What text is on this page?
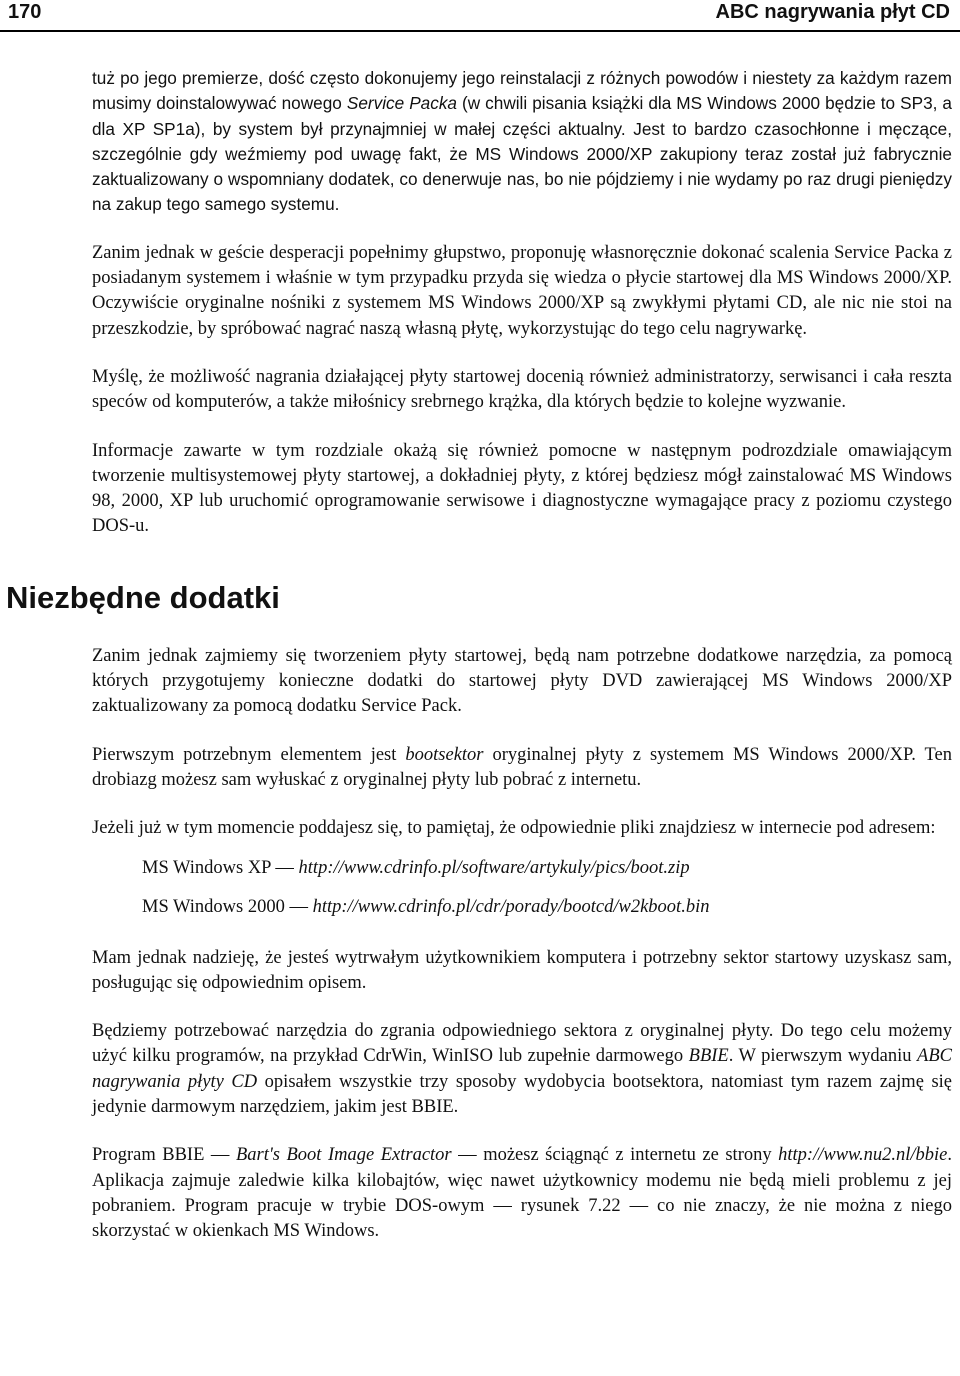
170	ABC nagrywania płyt CD

tuż po jego premierze, dość często dokonujemy jego reinstalacji z różnych powodów i niestety za każdym razem musimy doinstalowywać nowego Service Packa (w chwili pisania książki dla MS Windows 2000 będzie to SP3, a dla XP SP1a), by system był przynajmniej w małej części aktualny. Jest to bardzo czasochłonne i męczące, szczególnie gdy weźmiemy pod uwagę fakt, że MS Windows 2000/XP zakupiony teraz został już fabrycznie zaktualizowany o wspomniany dodatek, co denerwuje nas, bo nie pójdziemy i nie wydamy po raz drugi pieniędzy na zakup tego samego systemu.

Zanim jednak w geście desperacji popełnimy głupstwo, proponuję własnoręcznie dokonać scalenia Service Packa z posiadanym systemem i właśnie w tym przypadku przyda się wiedza o płycie startowej dla MS Windows 2000/XP. Oczywiście oryginalne nośniki z systemem MS Windows 2000/XP są zwykłymi płytami CD, ale nic nie stoi na przeszkodzie, by spróbować nagrać naszą własną płytę, wykorzystując do tego celu nagrywarkę.

Myślę, że możliwość nagrania działającej płyty startowej docenią również administratorzy, serwisanci i cała reszta speców od komputerów, a także miłośnicy srebrnego krążka, dla których będzie to kolejne wyzwanie.

Informacje zawarte w tym rozdziale okażą się również pomocne w następnym podrozdziale omawiającym tworzenie multisystemowej płyty startowej, a dokładniej płyty, z której będziesz mógł zainstalować MS Windows 98, 2000, XP lub uruchomić oprogramowanie serwisowe i diagnostyczne wymagające pracy z poziomu czystego DOS-u.

Niezbędne dodatki

Zanim jednak zajmiemy się tworzeniem płyty startowej, będą nam potrzebne dodatkowe narzędzia, za pomocą których przygotujemy konieczne dodatki do startowej płyty DVD zawierającej MS Windows 2000/XP zaktualizowany za pomocą dodatku Service Pack.

Pierwszym potrzebnym elementem jest bootsektor oryginalnej płyty z systemem MS Windows 2000/XP. Ten drobiazg możesz sam wyłuskać z oryginalnej płyty lub pobrać z internetu.

Jeżeli już w tym momencie poddajesz się, to pamiętaj, że odpowiednie pliki znajdziesz w internecie pod adresem:

MS Windows XP — http://www.cdrinfo.pl/software/artykuly/pics/boot.zip
MS Windows 2000 — http://www.cdrinfo.pl/cdr/porady/bootcd/w2kboot.bin

Mam jednak nadzieję, że jesteś wytrwałym użytkownikiem komputera i potrzebny sektor startowy uzyskasz sam, posługując się odpowiednim opisem.

Będziemy potrzebować narzędzia do zgrania odpowiedniego sektora z oryginalnej płyty. Do tego celu możemy użyć kilku programów, na przykład CdrWin, WinISO lub zupełnie darmowego BBIE. W pierwszym wydaniu ABC nagrywania płyty CD opisałem wszystkie trzy sposoby wydobycia bootsektora, natomiast tym razem zajmę się jedynie darmowym narzędziem, jakim jest BBIE.

Program BBIE — Bart's Boot Image Extractor — możesz ściągnąć z internetu ze strony http://www.nu2.nl/bbie. Aplikacja zajmuje zaledwie kilka kilobajtów, więc nawet użytkownicy modemu nie będą mieli problemu z jej pobraniem. Program pracuje w trybie DOS-owym — rysunek 7.22 — co nie znaczy, że nie można z niego skorzystać w okienkach MS Windows.
